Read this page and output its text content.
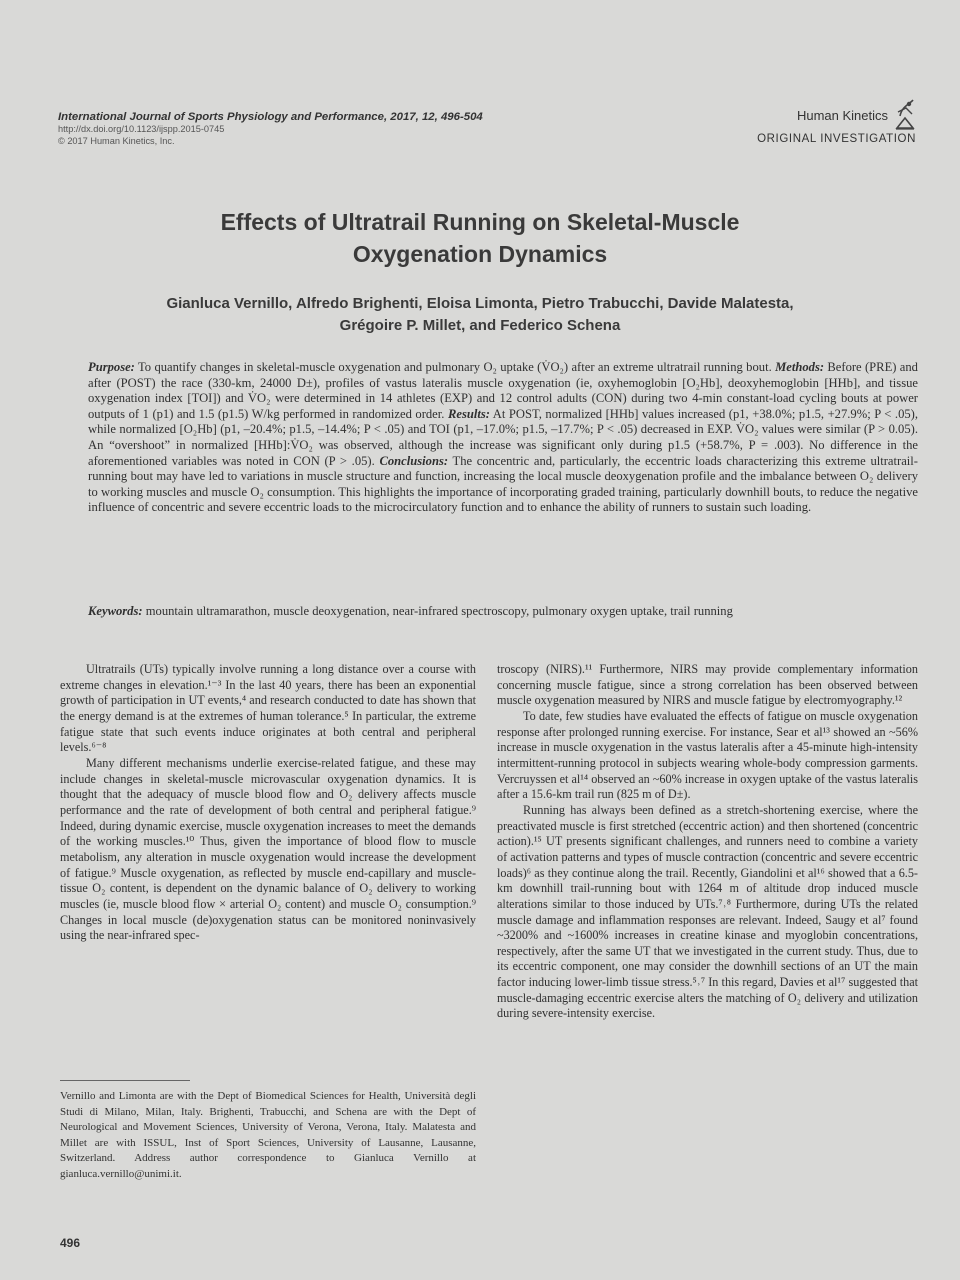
International Journal of Sports Physiology and Performance, 2017, 12, 496-504
http://dx.doi.org/10.1123/ijspp.2015-0745
© 2017 Human Kinetics, Inc.
Human Kinetics
ORIGINAL INVESTIGATION
Effects of Ultratrail Running on Skeletal-Muscle
Oxygenation Dynamics
Gianluca Vernillo, Alfredo Brighenti, Eloisa Limonta, Pietro Trabucchi, Davide Malatesta,
Grégoire P. Millet, and Federico Schena

Purpose: To quantify changes in skeletal-muscle oxygenation and pulmonary O₂ uptake (V̇O₂) after an extreme ultratrail running bout. Methods: Before (PRE) and after (POST) the race (330-km, 24000 D±), profiles of vastus lateralis muscle oxygenation (ie, oxyhemoglobin [O₂Hb], deoxyhemoglobin [HHb], and tissue oxygenation index [TOI]) and V̇O₂ were determined in 14 athletes (EXP) and 12 control adults (CON) during two 4-min constant-load cycling bouts at power outputs of 1 (p1) and 1.5 (p1.5) W/kg performed in randomized order. Results: At POST, normalized [HHb] values increased (p1, +38.0%; p1.5, +27.9%; P < .05), while normalized [O₂Hb] (p1, –20.4%; p1.5, –14.4%; P < .05) and TOI (p1, –17.0%; p1.5, –17.7%; P < .05) decreased in EXP. V̇O₂ values were similar (P > 0.05). An “overshoot” in normalized [HHb]:V̇O₂ was observed, although the increase was significant only during p1.5 (+58.7%, P = .003). No difference in the aforementioned variables was noted in CON (P > .05). Conclusions: The concentric and, particularly, the eccentric loads characterizing this extreme ultratrail-running bout may have led to variations in muscle structure and function, increasing the local muscle deoxygenation profile and the imbalance between O₂ delivery to working muscles and muscle O₂ consumption. This highlights the importance of incorporating graded training, particularly downhill bouts, to reduce the negative influence of concentric and severe eccentric loads to the microcirculatory function and to enhance the ability of runners to sustain such loading.

Keywords: mountain ultramarathon, muscle deoxygenation, near-infrared spectroscopy, pulmonary oxygen uptake, trail running

Ultratrails (UTs) typically involve running a long distance over a course with extreme changes in elevation.¹⁻³ In the last 40 years, there has been an exponential growth of participation in UT events,⁴ and research conducted to date has shown that the energy demand is at the extremes of human tolerance.⁵ In particular, the extreme fatigue state that such events induce originates at both central and peripheral levels.⁶⁻⁸

Many different mechanisms underlie exercise-related fatigue, and these may include changes in skeletal-muscle microvascular oxygenation dynamics. It is thought that the adequacy of muscle blood flow and O₂ delivery affects muscle performance and the rate of development of both central and peripheral fatigue.⁹ Indeed, during dynamic exercise, muscle oxygenation increases to meet the demands of the working muscles.¹⁰ Thus, given the importance of blood flow to muscle metabolism, any alteration in muscle oxygenation would increase the development of fatigue.⁹ Muscle oxygenation, as reflected by muscle end-capillary and muscle-tissue O₂ content, is dependent on the dynamic balance of O₂ delivery to working muscles (ie, muscle blood flow × arterial O₂ content) and muscle O₂ consumption.⁹ Changes in local muscle (de)oxygenation status can be monitored noninvasively using the near-infrared spec-

troscopy (NIRS).¹¹ Furthermore, NIRS may provide complementary information concerning muscle fatigue, since a strong correlation has been observed between muscle oxygenation measured by NIRS and muscle fatigue by electromyography.¹²

To date, few studies have evaluated the effects of fatigue on muscle oxygenation response after prolonged running exercise. For instance, Sear et al¹³ showed an ~56% increase in muscle oxygenation in the vastus lateralis after a 45-minute high-intensity intermittent-running protocol in subjects wearing whole-body compression garments. Vercruyssen et al¹⁴ observed an ~60% increase in oxygen uptake of the vastus lateralis after a 15.6-km trail run (825 m of D±).

Running has always been defined as a stretch-shortening exercise, where the preactivated muscle is first stretched (eccentric action) and then shortened (concentric action).¹⁵ UT presents significant challenges, and runners need to combine a variety of activation patterns and types of muscle contraction (concentric and severe eccentric loads)⁶ as they continue along the trail. Recently, Giandolini et al¹⁶ showed that a 6.5-km downhill trail-running bout with 1264 m of altitude drop induced muscle alterations similar to those induced by UTs.⁷˒⁸ Furthermore, during UTs the related muscle damage and inflammation responses are relevant. Indeed, Saugy et al⁷ found ~3200% and ~1600% increases in creatine kinase and myoglobin concentrations, respectively, after the same UT that we investigated in the current study. Thus, due to its eccentric component, one may consider the downhill sections of an UT the main factor inducing lower-limb tissue stress.⁵˒⁷ In this regard, Davies et al¹⁷ suggested that muscle-damaging eccentric exercise alters the matching of O₂ delivery and utilization during severe-intensity exercise.

Vernillo and Limonta are with the Dept of Biomedical Sciences for Health, Università degli Studi di Milano, Milan, Italy. Brighenti, Trabucchi, and Schena are with the Dept of Neurological and Movement Sciences, University of Verona, Verona, Italy. Malatesta and Millet are with ISSUL, Inst of Sport Sciences, University of Lausanne, Lausanne, Switzerland. Address author correspondence to Gianluca Vernillo at gianluca.vernillo@unimi.it.
496
